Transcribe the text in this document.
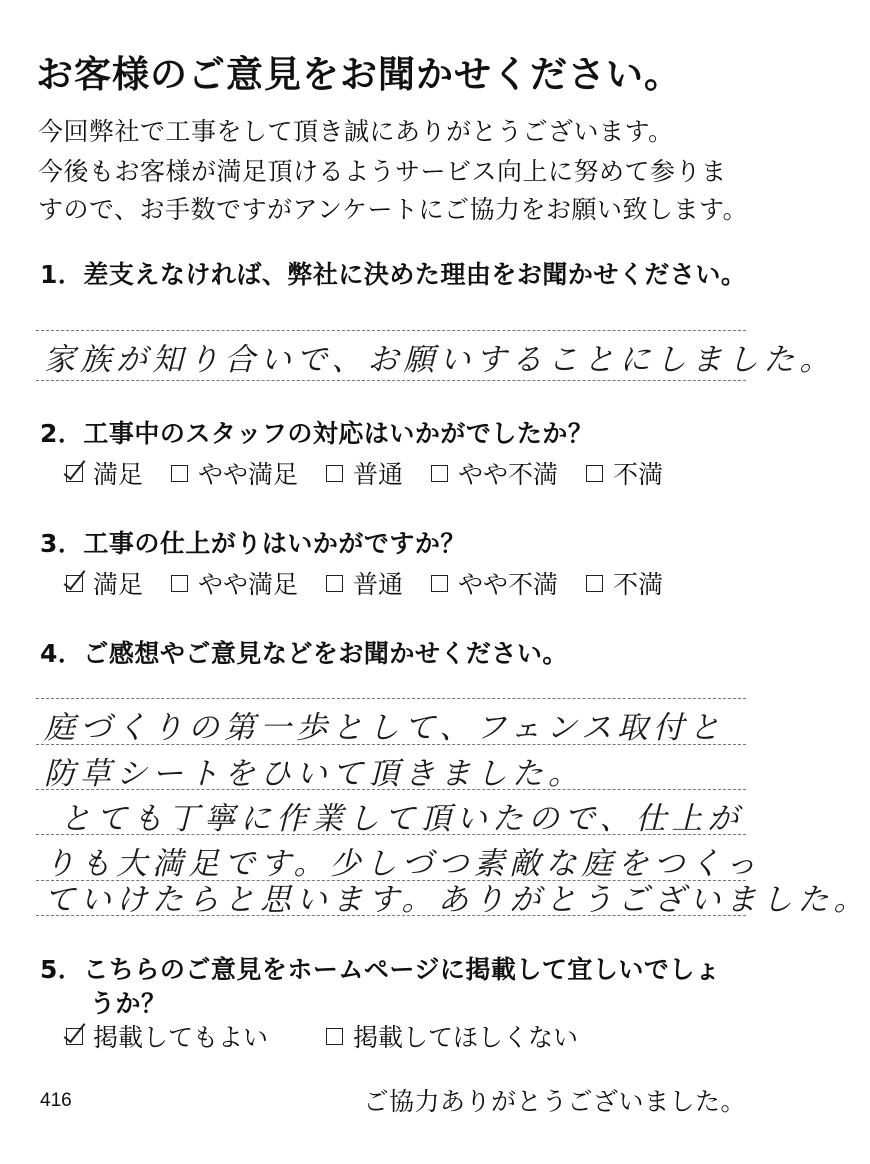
お客様のご意見をお聞かせください。
今回弊社で工事をして頂き誠にありがとうございます。
今後もお客様が満足頂けるようサービス向上に努めて参りま
すので、お手数ですがアンケートにご協力をお願い致します。
1．差支えなければ、弊社に決めた理由をお聞かせください。
家族が知り合いで、お願いすることにしました。
2．工事中のスタッフの対応はいかがでしたか？
満足 やや満足 普通 やや不満 不満
3．工事の仕上がりはいかがですか？
満足 やや満足 普通 やや不満 不満
4．ご感想やご意見などをお聞かせください。
庭づくりの第一歩として、フェンス取付と
防草シートをひいて頂きました。
とても丁寧に作業して頂いたので、仕上が
りも大満足です。少しづつ素敵な庭をつくっ
ていけたらと思います。ありがとうございました。
5．こちらのご意見をホームページに掲載して宜しいでしょ
うか？
掲載してもよい	掲載してほしくない
416	ご協力ありがとうございました。
